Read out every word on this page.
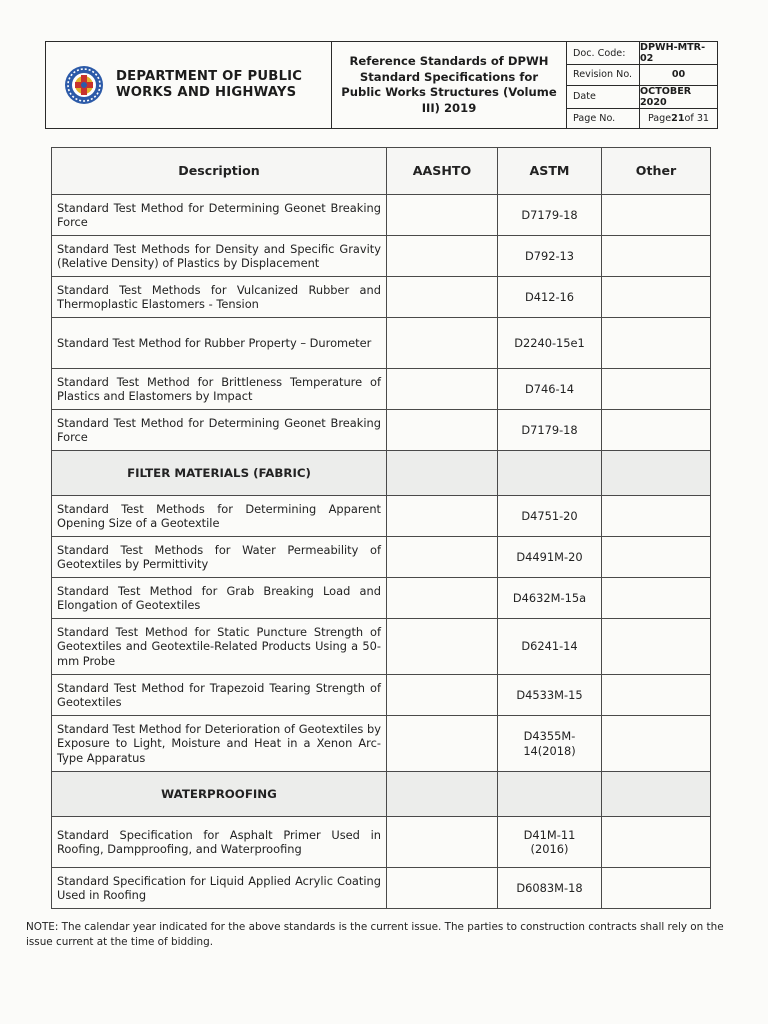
DEPARTMENT OF PUBLIC
WORKS AND HIGHWAYS
Reference Standards of DPWH Standard Specifications for Public Works Structures (Volume III) 2019
Doc. Code:	DPWH-MTR-02
Revision No.	00
Date	OCTOBER 2020
Page No.	Page 21 of 31
Description	AASHTO	ASTM	Other
Standard Test Method for Determining Geonet Breaking Force		D7179-18	
Standard Test Methods for Density and Specific Gravity (Relative Density) of Plastics by Displacement		D792-13	
Standard Test Methods for Vulcanized Rubber and Thermoplastic Elastomers - Tension		D412-16	
Standard Test Method for Rubber Property – Durometer		D2240-15e1	
Standard Test Method for Brittleness Temperature of Plastics and Elastomers by Impact		D746-14	
Standard Test Method for Determining Geonet Breaking Force		D7179-18	
FILTER MATERIALS (FABRIC)			
Standard Test Methods for Determining Apparent Opening Size of a Geotextile		D4751-20	
Standard Test Methods for Water Permeability of Geotextiles by Permittivity		D4491M-20	
Standard Test Method for Grab Breaking Load and Elongation of Geotextiles		D4632M-15a	
Standard Test Method for Static Puncture Strength of Geotextiles and Geotextile-Related Products Using a 50-mm Probe		D6241-14	
Standard Test Method for Trapezoid Tearing Strength of Geotextiles		D4533M-15	
Standard Test Method for Deterioration of Geotextiles by Exposure to Light, Moisture and Heat in a Xenon Arc-Type Apparatus		D4355M-14(2018)	
WATERPROOFING			
Standard Specification for Asphalt Primer Used in Roofing, Dampproofing, and Waterproofing		D41M-11 (2016)	
Standard Specification for Liquid Applied Acrylic Coating Used in Roofing		D6083M-18	
NOTE: The calendar year indicated for the above standards is the current issue. The parties to construction contracts shall rely on the issue current at the time of bidding.
